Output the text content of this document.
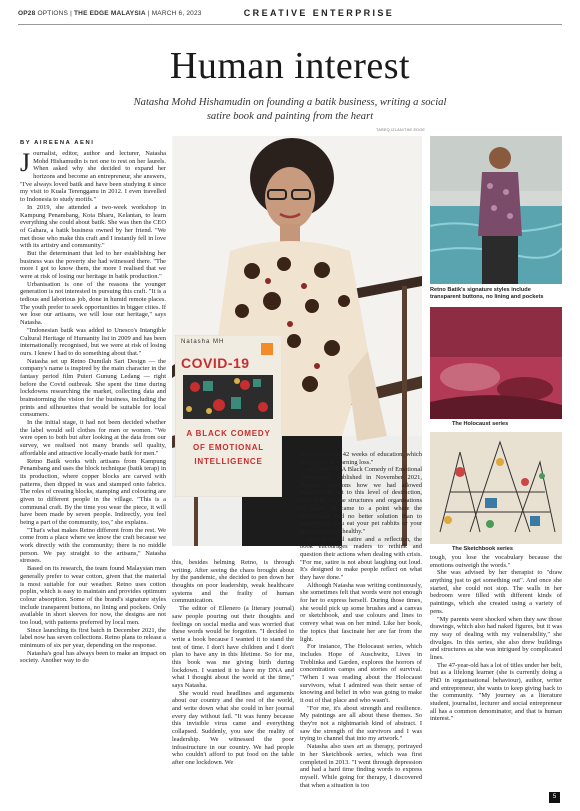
OP28 OPTIONS | THE EDGE MALAYSIA | MARCH 6, 2023	CREATIVE ENTERPRISE
Human interest
Natasha Mohd Hishamudin on founding a batik business, writing a social satire book and painting from the heart
TAREQ IZLAN/THE EDGE
BY AIREENA AENI
Natasha MH
COVID-19
A BLACK COMEDY
OF EMOTIONAL
INTELLIGENCE
Retno Batik's signature styles include transparent buttons, no lining and pockets
The Holocaust series
The Sketchbook series

Journalist, editor, author and lecturer, Natasha Mohd Hishamudin is not one to rest on her laurels. When asked why she decided to expand her horizons and become an entrepreneur, she answers, "I've always loved batik and have been studying it since my visit to Kuala Terengganu in 2012. I even travelled to Indonesia to study motifs."

In 2019, she attended a two-week workshop in Kampung Penambang, Kota Bharu, Kelantan, to learn everything she could about batik. She was then the CEO of Gahara, a batik business owned by her friend. "We met those who make this craft and I instantly fell in love with its artistry and community."

But the determinant that led to her establishing her business was the poverty she had witnessed there. "The more I got to know them, the more I realised that we were at risk of losing our heritage in batik production."

Urbanisation is one of the reasons the younger generation is not interested in pursuing this craft. "It is a tedious and laborious job, done in humid remote places. The youth prefer to seek opportunities in bigger cities. If we lose our artisans, we will lose our heritage," says Natasha.

"Indonesian batik was added to Unesco's Intangible Cultural Heritage of Humanity list in 2009 and has been internationally recognised, but we were at risk of losing ours. I knew I had to do something about that."

Natasha set up Retno Dumilah Sari Design — the company's name is inspired by the main character in the fantasy period film Puteri Gunung Ledang — right before the Covid outbreak. She spent the time during lockdowns researching the market, collecting data and brainstorming the vision for the business, including the prints and silhouettes that would be suitable for local consumers.

In the initial stage, it had not been decided whether the label would sell clothes for men or women. "We were open to both but after looking at the data from our survey, we realised not many brands sell quality, affordable and attractive locally-made batik for men."

Retno Batik works with artisans from Kampung Penambang and uses the block technique (batik terap) in its production, where copper blocks are carved with patterns, then dipped in wax and stamped onto fabrics. The roles of creating blocks, stamping and colouring are given to different people in the village. "This is a communal craft. By the time you wear the piece, it will have been made by seven people. Indirectly, you feel being a part of the community, too," she explains.

"That's what makes Retno different from the rest. We come from a place where we know the craft because we work directly with the community; there is no middle person. We pay straight to the artisans," Natasha stresses.

Based on its research, the team found Malaysian men generally prefer to wear cotton, given that the material is most suitable for our weather. Retno uses cotton poplin, which is easy to maintain and provides optimum colour absorption. Some of the brand's signature styles include transparent buttons, no lining and pockets. Only available in short sleeves for now, the designs are not too loud, with patterns preferred by local men.

Since launching its first batch in December 2021, the label now has seven collections. Retno plans to release a minimum of six per year, depending on the response.

Natasha's goal has always been to make an impact on society. Another way to do

this, besides helming Retno, is through writing. After seeing the chaos brought about by the pandemic, she decided to pen down her thoughts on poor leadership, weak healthcare systems and the frailty of human communication.

The editor of Ellenero (a literary journal) saw people pouring out their thoughts and feelings on social media and was worried that these words would be forgotten. "I decided to write a book because I wanted it to stand the test of time. I don't have children and I don't plan to have any in this lifetime. So for me, this book was me giving birth during lockdown. I wanted it to have my DNA and what I thought about the world at the time," says Natasha.

She would read headlines and arguments about our country and the rest of the world, and write down what she could in her journal every day without fail. "It was funny because this invisible virus came and everything collapsed. Suddenly, you saw the reality of leadership. We witnessed the poor infrastructure in our country. We had people who couldn't afford to put food on the table after one lockdown. We

denied children 42 weeks of education, which led to 10% of learning loss."

In Covid-19: A Black Comedy of Emotional Intelligence, published in November 2021, Natasha questions how we had allowed ourselves to get to this level of destruction, even with all the structures and organisations in place. "It came to a point where the government had no better solution than to suggest that you eat your pet rabbits or your ketchup to keep healthy."

Both a social satire and a reflection, the book encourages readers to rethink and question their actions when dealing with crisis. "For me, satire is not about laughing out loud. It's designed to make people reflect on what they have done."

Although Natasha was writing continuously, she sometimes felt that words were not enough for her to express herself. During those times, she would pick up some brushes and a canvas or sketchbook, and use colours and lines to convey what was on her mind. Like her book, the topics that fascinate her are far from the light.

For instance, The Holocaust series, which includes Hope of Auschwitz, Lives in Treblinka and Garden, explores the horrors of concentration camps and stories of survival. "When I was reading about the Holocaust survivors, what I admired was their sense of knowing and belief in who was going to make it out of that place and who wasn't.

"For me, it's about strength and resilience. My paintings are all about these themes. So they're not a nightmarish kind of abstract. I saw the strength of the survivors and I was trying to channel that into my artwork."

Natasha also uses art as therapy, portrayed in her Sketchbook series, which was first completed in 2013. "I went through depression and had a hard time finding words to express myself. While going for therapy, I discovered that when a situation is too

tough, you lose the vocabulary because the emotions outweigh the words."

She was advised by her therapist to "draw anything just to get something out". And once she started, she could not stop. The walls in her bedroom were filled with different kinds of paintings, which she created using a variety of pens.

"My parents were shocked when they saw those drawings, which also had naked figures, but it was my way of dealing with my vulnerability," she divulges. In this series, she also drew buildings and structures as she was intrigued by complicated lines.

The 47-year-old has a lot of titles under her belt, but as a lifelong learner (she is currently doing a PhD in organisational behaviour), author, writer and entrepreneur, she wants to keep giving back to the community. "My journey as a literature student, journalist, lecturer and social entrepreneur all has a common denominator, and that is human interest."

5
